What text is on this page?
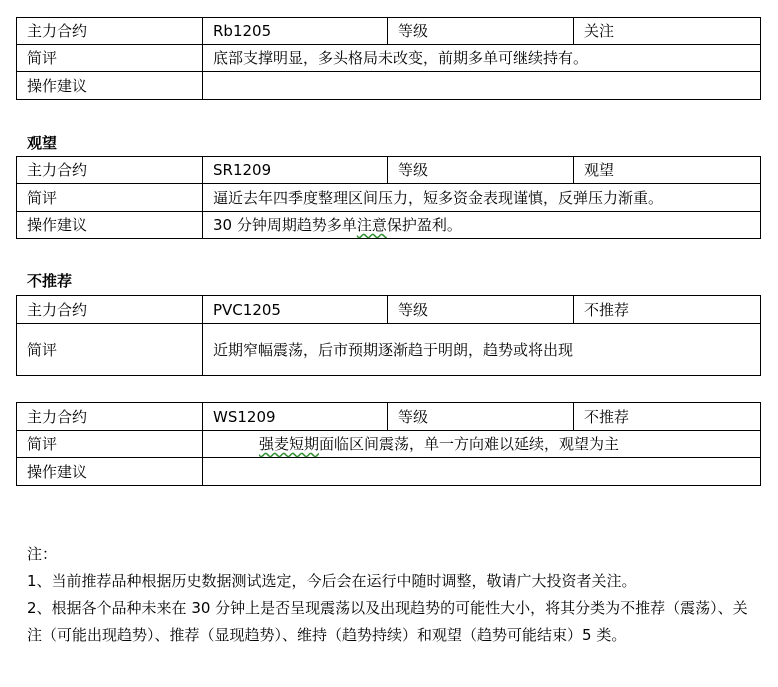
主力合约	Rb1205	等级	关注
简评	底部支撑明显，多头格局未改变，前期多单可继续持有。		
操作建议			
观望
主力合约	SR1209	等级	观望
简评	逼近去年四季度整理区间压力，短多资金表现谨慎，反弹压力渐重。		
操作建议	30 分钟周期趋势多单注意保护盈利。		
不推荐
主力合约	PVC1205	等级	不推荐
简评	近期窄幅震荡，后市预期逐渐趋于明朗，趋势或将出现		
主力合约	WS1209	等级	不推荐
简评	强麦短期面临区间震荡，单一方向难以延续，观望为主		
操作建议			

注：

1、当前推荐品种根据历史数据测试选定，今后会在运行中随时调整，敬请广大投资者关注。

2、根据各个品种未来在 30 分钟上是否呈现震荡以及出现趋势的可能性大小，将其分类为不推荐（震荡）、关注（可能出现趋势）、推荐（显现趋势）、维持（趋势持续）和观望（趋势可能结束）5 类。
